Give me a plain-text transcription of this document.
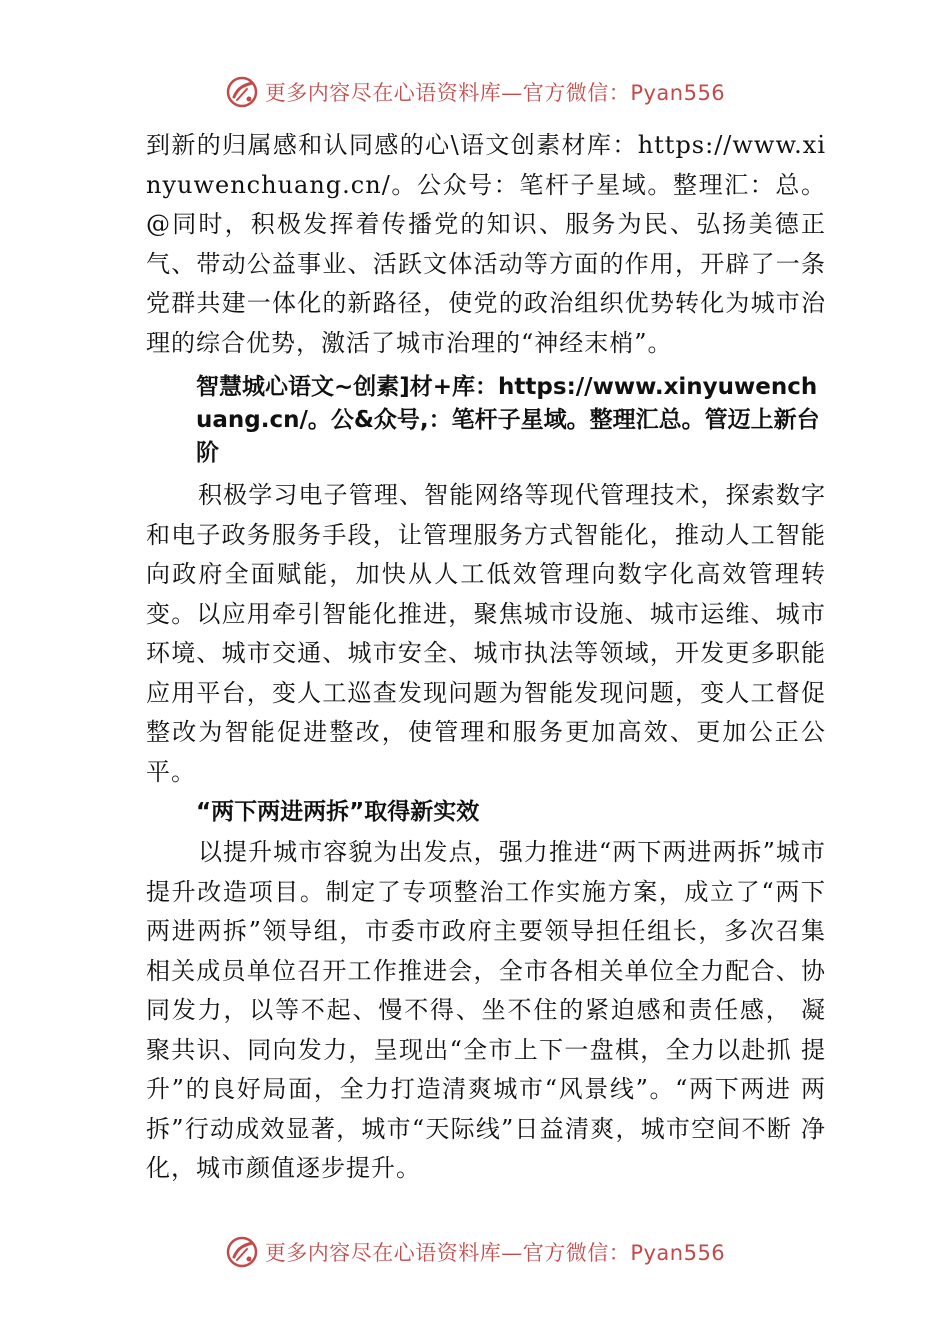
更多内容尽在心语资料库—官方微信：Pyan556

到新的归属感和认同感的心\语文创素材库：https://www.xinyuwenchuang.cn/。公众号：笔杆子星域。整理汇：总。@同时，积极发挥着传播党的知识、服务为民、弘扬美德正气、带动公益事业、活跃文体活动等方面的作用，开辟了一条党群共建一体化的新路径，使党的政治组织优势转化为城市治理的综合优势，激活了城市治理的“神经末梢”。

智慧城心语文~创素]材+库：https://www.xinyuwenchuang.cn/。公&众号,：笔杆子星域。整理汇总。管迈上新台阶

积极学习电子管理、智能网络等现代管理技术，探索数字和电子政务服务手段，让管理服务方式智能化，推动人工智能向政府全面赋能，加快从人工低效管理向数字化高效管理转变。以应用牵引智能化推进，聚焦城市设施、城市运维、城市环境、城市交通、城市安全、城市执法等领域，开发更多职能应用平台，变人工巡查发现问题为智能发现问题，变人工督促整改为智能促进整改，使管理和服务更加高效、更加公正公平。

“两下两进两拆”取得新实效

以提升城市容貌为出发点，强力推进“两下两进两拆”城市提升改造项目。制定了专项整治工作实施方案，成立了“两下两进两拆”领导组，市委市政府主要领导担任组长，多次召集相关成员单位召开工作推进会，全市各相关单位全力配合、协同发力，以等不起、慢不得、坐不住的紧迫感和责任感， 凝聚共识、同向发力，呈现出“全市上下一盘棋，全力以赴抓 提升”的良好局面，全力打造清爽城市“风景线”。“两下两进 两拆”行动成效显著，城市“天际线”日益清爽，城市空间不断 净化，城市颜值逐步提升。

更多内容尽在心语资料库—官方微信：Pyan556
